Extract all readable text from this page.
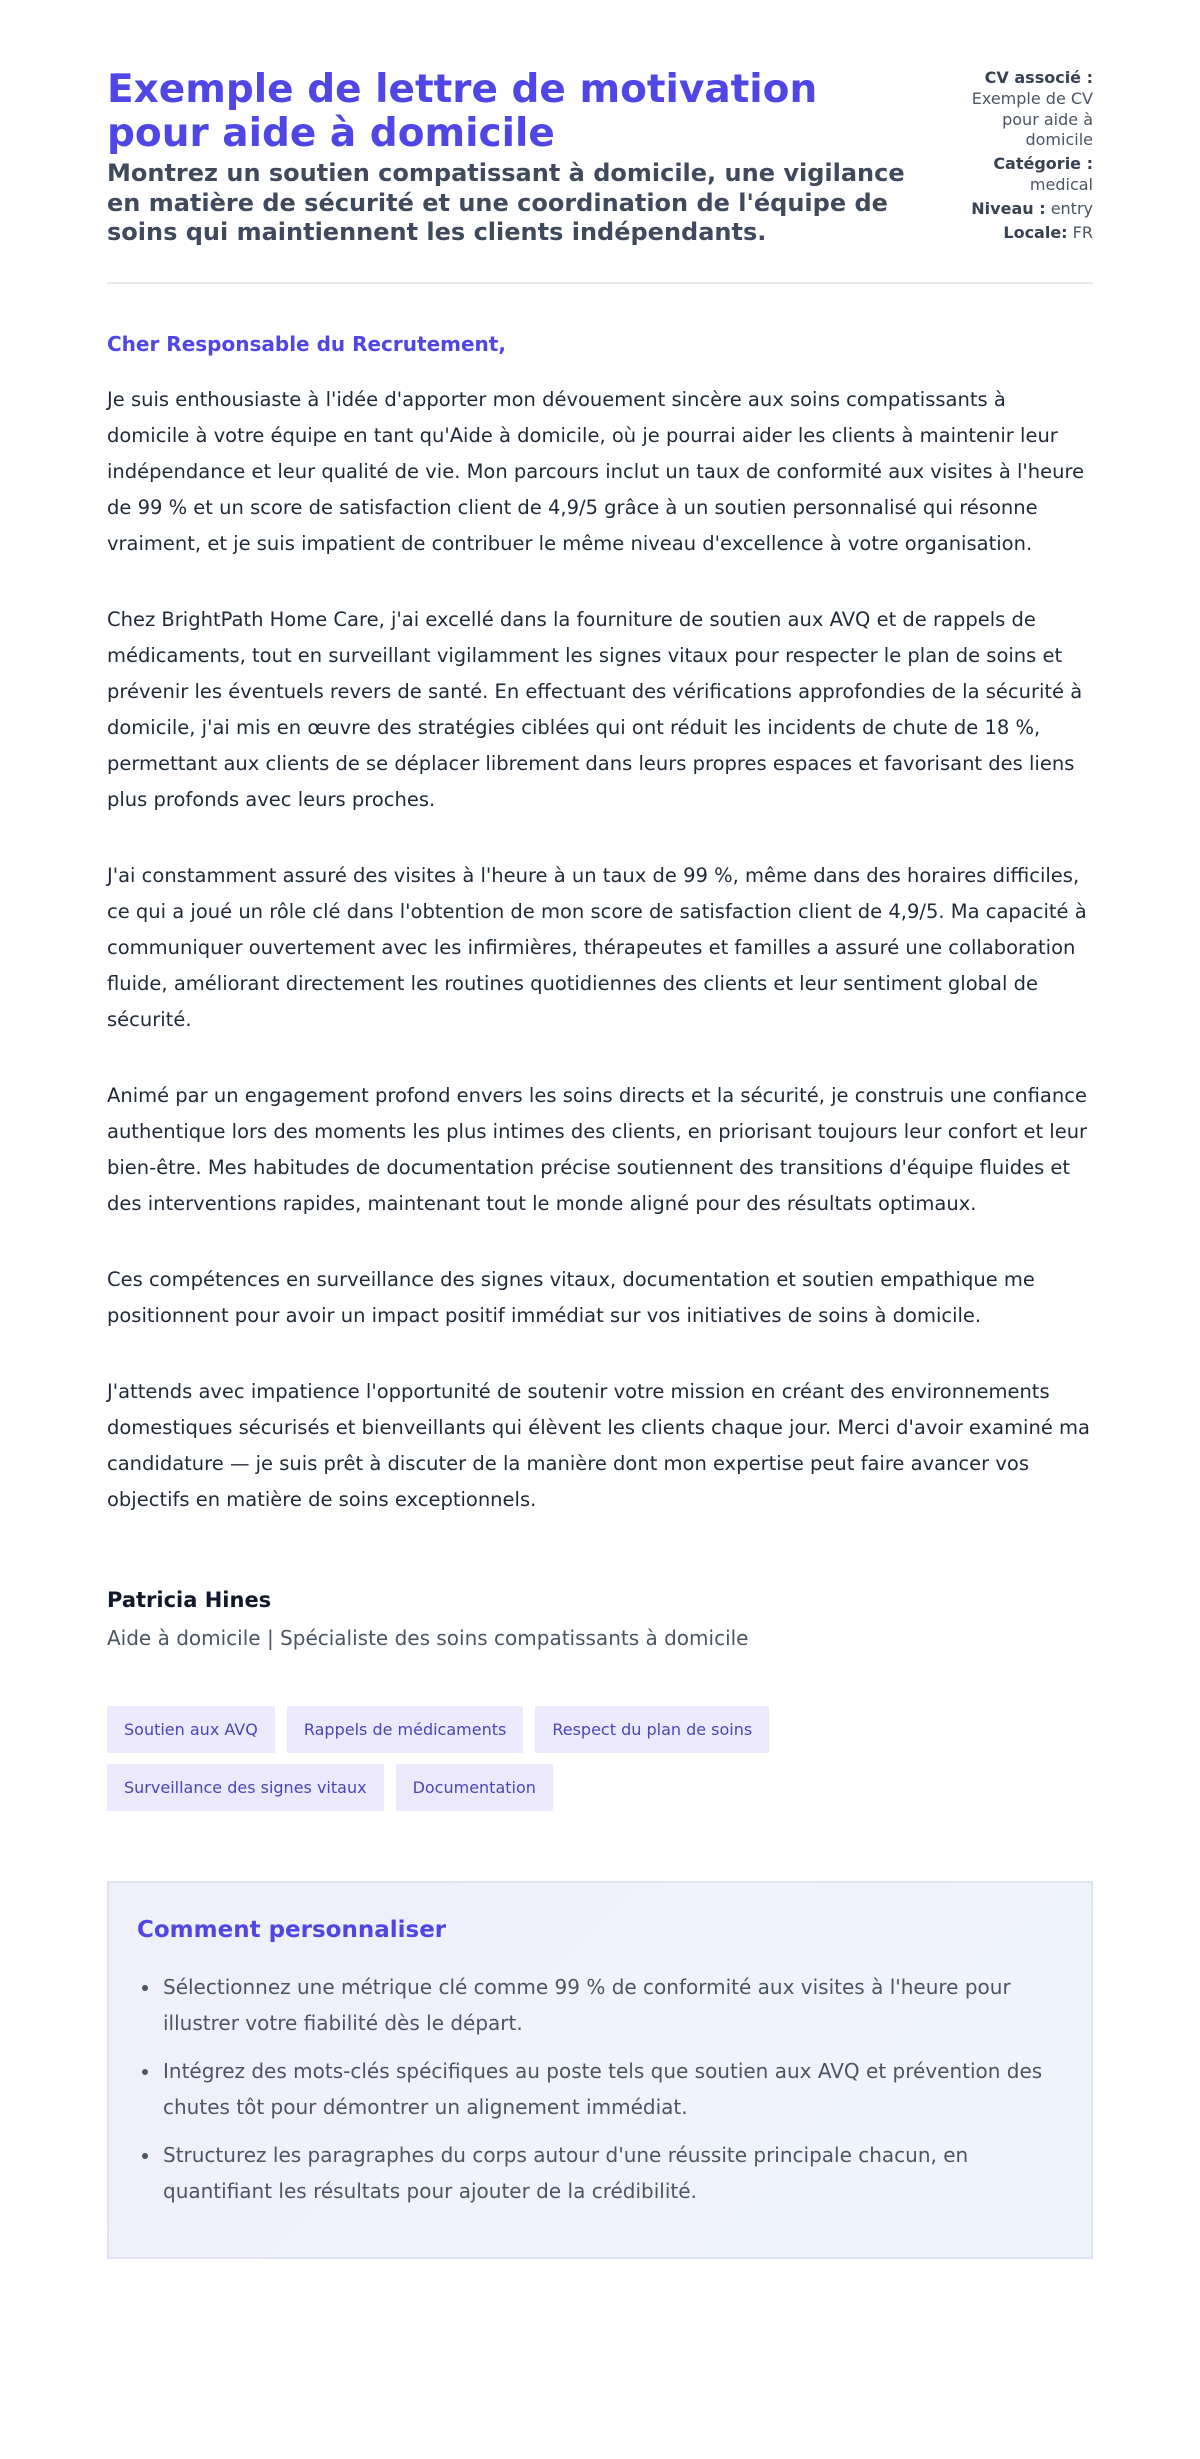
Exemple de lettre de motivation pour aide à domicile
Montrez un soutien compatissant à domicile, une vigilance en matière de sécurité et une coordination de l'équipe de soins qui maintiennent les clients indépendants.
CV associé :
Exemple de CV pour aide à domicile
Catégorie :
medical
Niveau : entry
Locale: FR
Cher Responsable du Recrutement,

Je suis enthousiaste à l'idée d'apporter mon dévouement sincère aux soins compatissants à domicile à votre équipe en tant qu'Aide à domicile, où je pourrai aider les clients à maintenir leur indépendance et leur qualité de vie. Mon parcours inclut un taux de conformité aux visites à l'heure de 99 % et un score de satisfaction client de 4,9/5 grâce à un soutien personnalisé qui résonne vraiment, et je suis impatient de contribuer le même niveau d'excellence à votre organisation.

Chez BrightPath Home Care, j'ai excellé dans la fourniture de soutien aux AVQ et de rappels de médicaments, tout en surveillant vigilamment les signes vitaux pour respecter le plan de soins et prévenir les éventuels revers de santé. En effectuant des vérifications approfondies de la sécurité à domicile, j'ai mis en œuvre des stratégies ciblées qui ont réduit les incidents de chute de 18 %, permettant aux clients de se déplacer librement dans leurs propres espaces et favorisant des liens plus profonds avec leurs proches.

J'ai constamment assuré des visites à l'heure à un taux de 99 %, même dans des horaires difficiles, ce qui a joué un rôle clé dans l'obtention de mon score de satisfaction client de 4,9/5. Ma capacité à communiquer ouvertement avec les infirmières, thérapeutes et familles a assuré une collaboration fluide, améliorant directement les routines quotidiennes des clients et leur sentiment global de sécurité.

Animé par un engagement profond envers les soins directs et la sécurité, je construis une confiance authentique lors des moments les plus intimes des clients, en priorisant toujours leur confort et leur bien-être. Mes habitudes de documentation précise soutiennent des transitions d'équipe fluides et des interventions rapides, maintenant tout le monde aligné pour des résultats optimaux.

Ces compétences en surveillance des signes vitaux, documentation et soutien empathique me positionnent pour avoir un impact positif immédiat sur vos initiatives de soins à domicile.

J'attends avec impatience l'opportunité de soutenir votre mission en créant des environnements domestiques sécurisés et bienveillants qui élèvent les clients chaque jour. Merci d'avoir examiné ma candidature — je suis prêt à discuter de la manière dont mon expertise peut faire avancer vos objectifs en matière de soins exceptionnels.

Patricia Hines
Aide à domicile | Spécialiste des soins compatissants à domicile
Soutien aux AVQ	Rappels de médicaments	Respect du plan de soins
Surveillance des signes vitaux	Documentation
Comment personnaliser
• Sélectionnez une métrique clé comme 99 % de conformité aux visites à l'heure pour illustrer votre fiabilité dès le départ.
• Intégrez des mots-clés spécifiques au poste tels que soutien aux AVQ et prévention des chutes tôt pour démontrer un alignement immédiat.
• Structurez les paragraphes du corps autour d'une réussite principale chacun, en quantifiant les résultats pour ajouter de la crédibilité.
